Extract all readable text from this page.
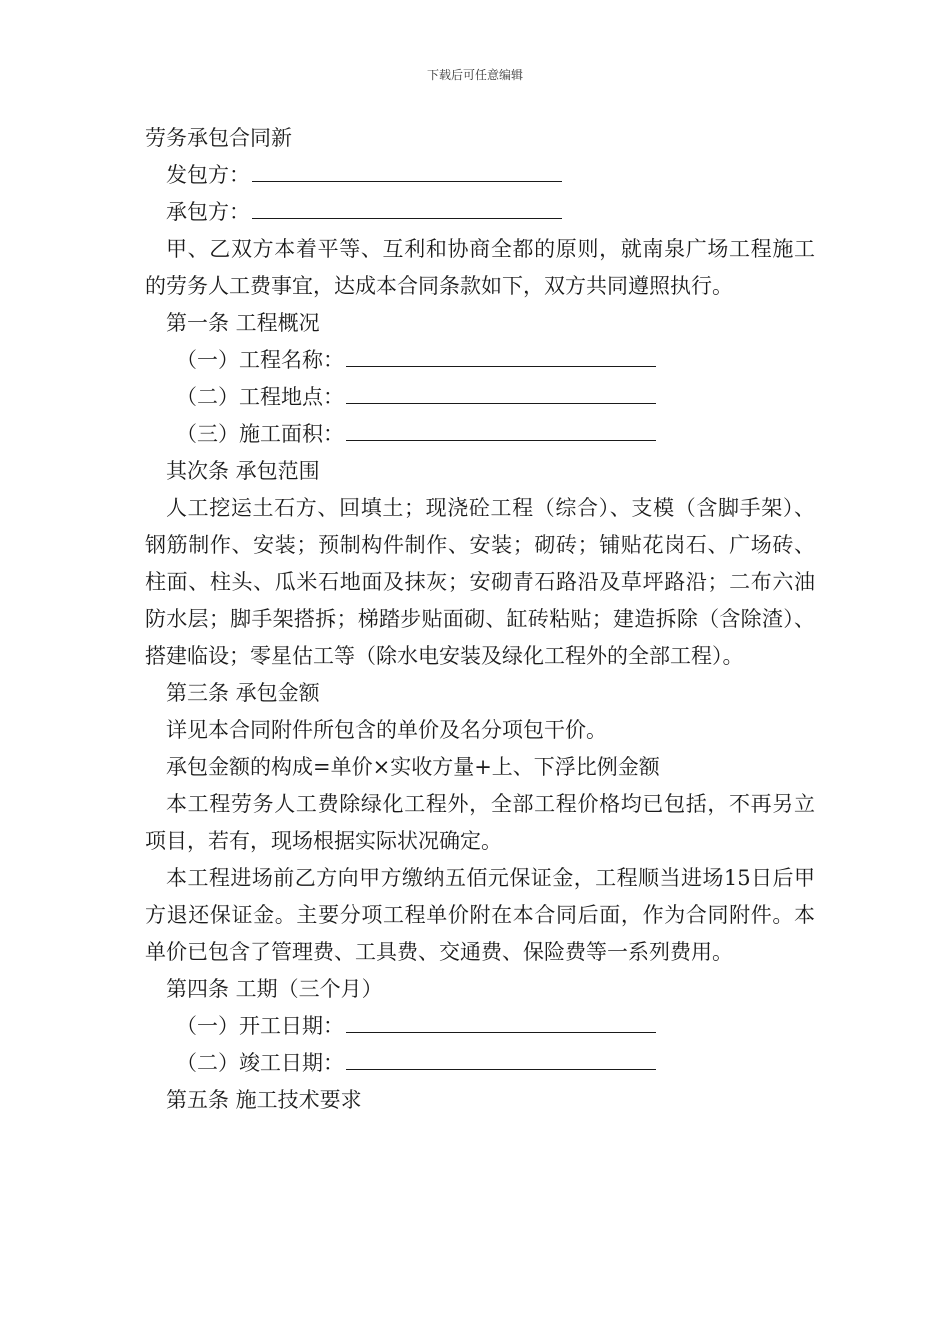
下载后可任意编辑

劳务承包合同新

发包方：

承包方：

甲、乙双方本着平等、互利和协商全都的原则，就南泉广场工程施工的劳务人工费事宜，达成本合同条款如下，双方共同遵照执行。

第一条 工程概况

（一）工程名称：

（二）工程地点：

（三）施工面积：

其次条 承包范围

人工挖运土石方、回填土；现浇砼工程（综合）、支模（含脚手架）、钢筋制作、安装；预制构件制作、安装；砌砖；铺贴花岗石、广场砖、柱面、柱头、瓜米石地面及抹灰；安砌青石路沿及草坪路沿；二布六油防水层；脚手架搭拆；梯踏步贴面砌、缸砖粘贴；建造拆除（含除渣）、搭建临设；零星估工等（除水电安装及绿化工程外的全部工程）。

第三条 承包金额

详见本合同附件所包含的单价及名分项包干价。

承包金额的构成=单价×实收方量+上、下浮比例金额

本工程劳务人工费除绿化工程外，全部工程价格均已包括，不再另立项目，若有，现场根据实际状况确定。

本工程进场前乙方向甲方缴纳五佰元保证金，工程顺当进场15日后甲方退还保证金。主要分项工程单价附在本合同后面，作为合同附件。本单价已包含了管理费、工具费、交通费、保险费等一系列费用。

第四条 工期（三个月）

（一）开工日期：

（二）竣工日期：

第五条 施工技术要求
